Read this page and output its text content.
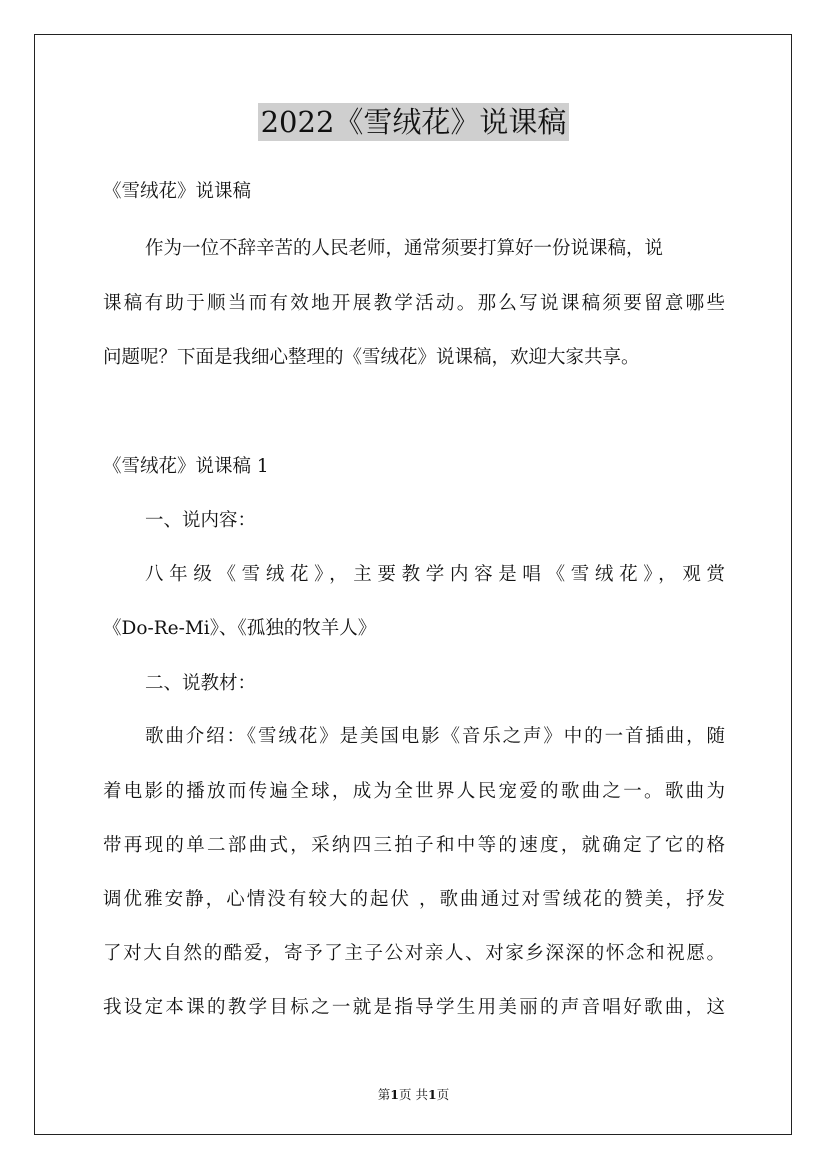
2022《雪绒花》说课稿
《雪绒花》说课稿
作为一位不辞辛苦的人民老师，通常须要打算好一份说课稿，说
课稿有助于顺当而有效地开展教学活动。那么写说课稿须要留意哪些
问题呢？下面是我细心整理的《雪绒花》说课稿，欢迎大家共享。
《雪绒花》说课稿 1
一、说内容：
八年级《雪绒花》，主要教学内容是唱《雪绒花》，观赏
《Do-Re-Mi》、《孤独的牧羊人》
二、说教材：
歌曲介绍：《雪绒花》是美国电影《音乐之声》中的一首插曲，随
着电影的播放而传遍全球，成为全世界人民宠爱的歌曲之一。歌曲为
带再现的单二部曲式，采纳四三拍子和中等的速度，就确定了它的格
调优雅安静，心情没有较大的起伏 ，歌曲通过对雪绒花的赞美，抒发
了对大自然的酷爱，寄予了主子公对亲人、对家乡深深的怀念和祝愿。
我设定本课的教学目标之一就是指导学生用美丽的声音唱好歌曲，这
第1页 共1页
